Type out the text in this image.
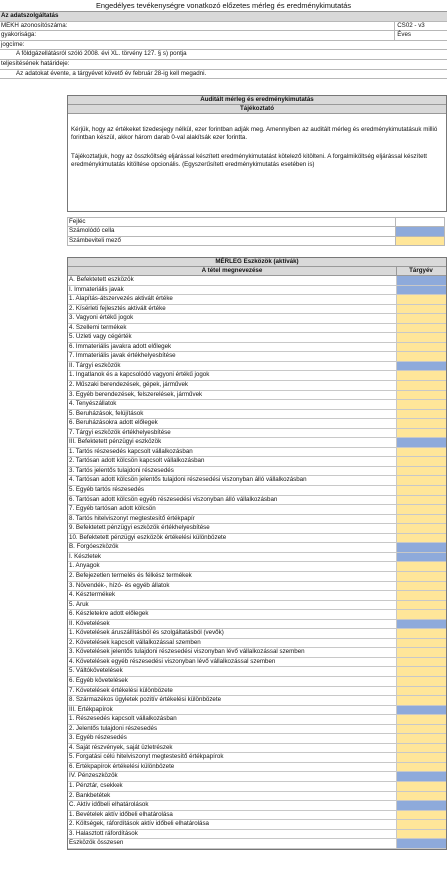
Engedélyes tevékenységre vonatkozó előzetes mérleg és eredménykimutatás
Az adatszolgáltatás
MEKH azonosítószáma:	CS02 - v3
gyakorisága:	Éves
jogcíme:
A földgázellátásról szóló 2008. évi XL. törvény 127. § s) pontja
teljesítésének határideje:
Az adatokat évente, a tárgyévet követő év február 28-ig kell megadni.
Auditált mérleg és eredménykimutatás
Tájékoztató

Kérjük, hogy az értékeket tizedesjegy nélkül, ezer forintban adják meg. Amennyiben az auditált mérleg és eredménykimutatásuk millió forintban készül, akkor három darab 0-val alakítsák ezer forintta.

Tájékoztatjuk, hogy az összköltség eljárással készített eredménykimutatást kötelező kitölteni. A forgalmiköltség eljárással készített eredménykimutatás kitöltése opcionális. (Egyszerűsített eredménykimutatás esetében is)

Fejléc
Számolódó cella
Számbeviteli mező
MÉRLEG Eszközök (aktívák)
A tétel megnevezése	Tárgyév
A. Befektetett eszközök
I. Immateriális javak
1. Alapítás-átszervezés aktivált értéke
2. Kísérleti fejlesztés aktivált értéke
3. Vagyoni értékű jogok
4. Szellemi termékek
5. Üzleti vagy cégérték
6. Immateriális javakra adott előlegek
7. Immateriális javak értékhelyesbítése
II. Tárgyi eszközök
1. Ingatlanok és a kapcsolódó vagyoni értékű jogok
2. Műszaki berendezések, gépek, járművek
3. Egyéb berendezések, felszerelések, járművek
4. Tenyészállatok
5. Beruházások, felújítások
6. Beruházásokra adott előlegek
7. Tárgyi eszközök értékhelyesbítése
III. Befektetett pénzügyi eszközök
1. Tartós részesedés kapcsolt vállalkozásban
2. Tartósan adott kölcsön kapcsolt vállalkozásban
3. Tartós jelentős tulajdoni részesedés
4. Tartósan adott kölcsön jelentős tulajdoni részesedési viszonyban álló vállalkozásban
5. Egyéb tartós részesedés
6. Tartósan adott kölcsön egyéb részesedési viszonyban álló vállalkozásban
7. Egyéb tartósan adott kölcsön
8. Tartós hitelviszonyt megtestesítő értékpapír
9. Befektetett pénzügyi eszközök értékhelyesbítése
10. Befektetett pénzügyi eszközök értékelési különbözete
B. Forgóeszközök
I. Készletek
1. Anyagok
2. Befejezetlen termelés és félkész termékek
3. Növendék-, hízó- és egyéb állatok
4. Késztermékek
5. Áruk
6. Készletekre adott előlegek
II. Követelések
1. Követelések áruszállításból és szolgáltatásból (vevők)
2. Követelések kapcsolt vállalkozással szemben
3. Követelések jelentős tulajdoni részesedési viszonyban lévő vállalkozással szemben
4. Követelések egyéb részesedési viszonyban lévő vállalkozással szemben
5. Váltókövetelések
6. Egyéb követelések
7. Követelések értékelési különbözete
8. Származékos ügyletek pozitív értékelési különbözete
III. Értékpapírok
1. Részesedés kapcsolt vállalkozásban
2. Jelentős tulajdoni részesedés
3. Egyéb részesedés
4. Saját részvények, saját üzletrészek
5. Forgatási célú hitelviszonyt megtestesítő értékpapírok
6. Értékpapírok értékelési különbözete
IV. Pénzeszközök
1. Pénztár, csekkek
2. Bankbetétek
C. Aktív időbeli elhatárolások
1. Bevételek aktív időbeli elhatárolása
2. Költségek, ráfordítások aktív időbeli elhatárolása
3. Halasztott ráfordítások
Eszközök összesen
